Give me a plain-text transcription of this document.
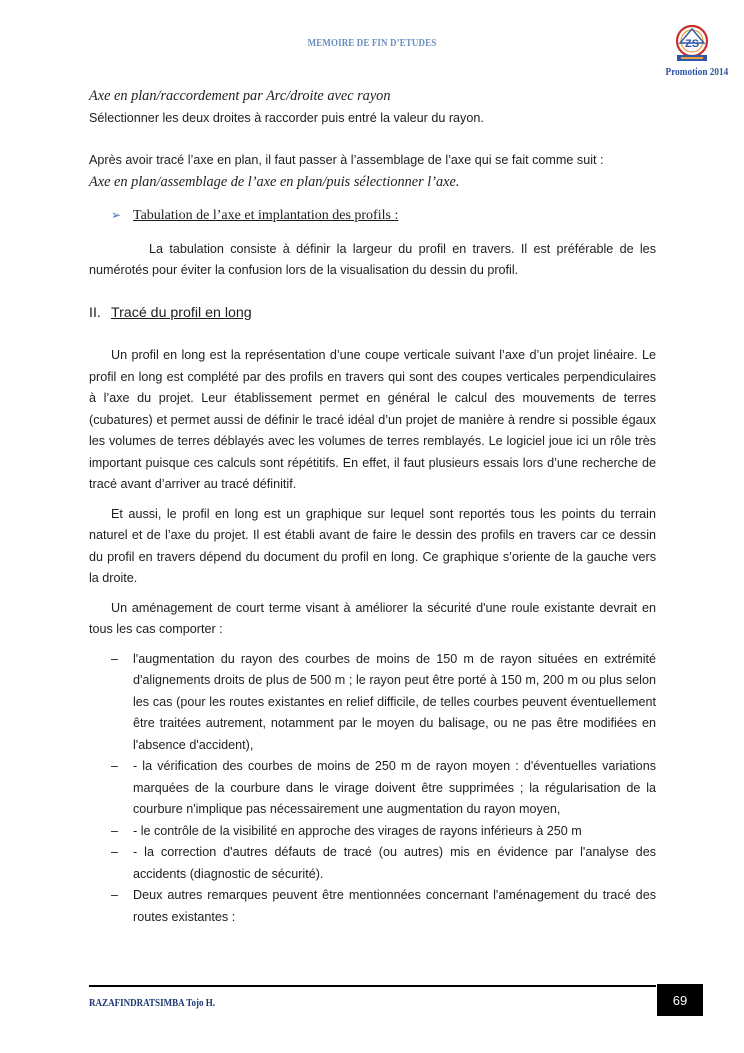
MEMOIRE DE FIN D’ETUDES	ZS
Promotion 2014

Axe en plan/raccordement par Arc/droite avec rayon

Sélectionner les deux droites à raccorder puis entré la valeur du rayon.

Après avoir tracé l’axe en plan, il faut passer à l’assemblage de l’axe qui se fait comme suit :

Axe en plan/assemblage de l’axe en plan/puis sélectionner l’axe.

➢ Tabulation de l’axe et implantation des profils :

La tabulation consiste à définir la largeur du profil en travers. Il est préférable de les numérotés pour éviter la confusion lors de la visualisation du dessin du profil.

II. Tracé du profil en long

Un profil en long est la représentation d’une coupe verticale suivant l’axe d’un projet linéaire. Le profil en long est complété par des profils en travers qui sont des coupes verticales perpendiculaires à l’axe du projet. Leur établissement permet en général le calcul des mouvements de terres (cubatures) et permet aussi de définir le tracé idéal d’un projet de manière à rendre si possible égaux les volumes de terres déblayés avec les volumes de terres remblayés. Le logiciel joue ici un rôle très important puisque ces calculs sont répétitifs. En effet, il faut plusieurs essais lors d’une recherche de tracé avant d’arriver au tracé définitif.

Et aussi, le profil en long est un graphique sur lequel sont reportés tous les points du terrain naturel et de l’axe du projet. Il est établi avant de faire le dessin des profils en travers car ce dessin du profil en travers dépend du document du profil en long. Ce graphique s’oriente de la gauche vers la droite.

Un aménagement de court terme visant à améliorer la sécurité d'une roule existante devrait en tous les cas comporter :

–	l'augmentation du rayon des courbes de moins de 150 m de rayon situées en extrémité d'alignements droits de plus de 500 m ; le rayon peut être porté à 150 m, 200 m ou plus selon les cas (pour les routes existantes en relief difficile, de telles courbes peuvent éventuellement être traitées autrement, notamment par le moyen du balisage, ou ne pas être modifiées en l'absence d'accident),
–	- la vérification des courbes de moins de 250 m de rayon moyen : d'éventuelles variations marquées de la courbure dans le virage doivent être supprimées ; la régularisation de la courbure n'implique pas nécessairement une augmentation du rayon moyen,
–	- le contrôle de la visibilité en approche des virages de rayons inférieurs à 250 m
–	- la correction d'autres défauts de tracé (ou autres) mis en évidence par l'analyse des accidents (diagnostic de sécurité).
–	Deux autres remarques peuvent être mentionnées concernant l'aménagement du tracé des routes existantes :
RAZAFINDRATSIMBA Tojo H.	69
